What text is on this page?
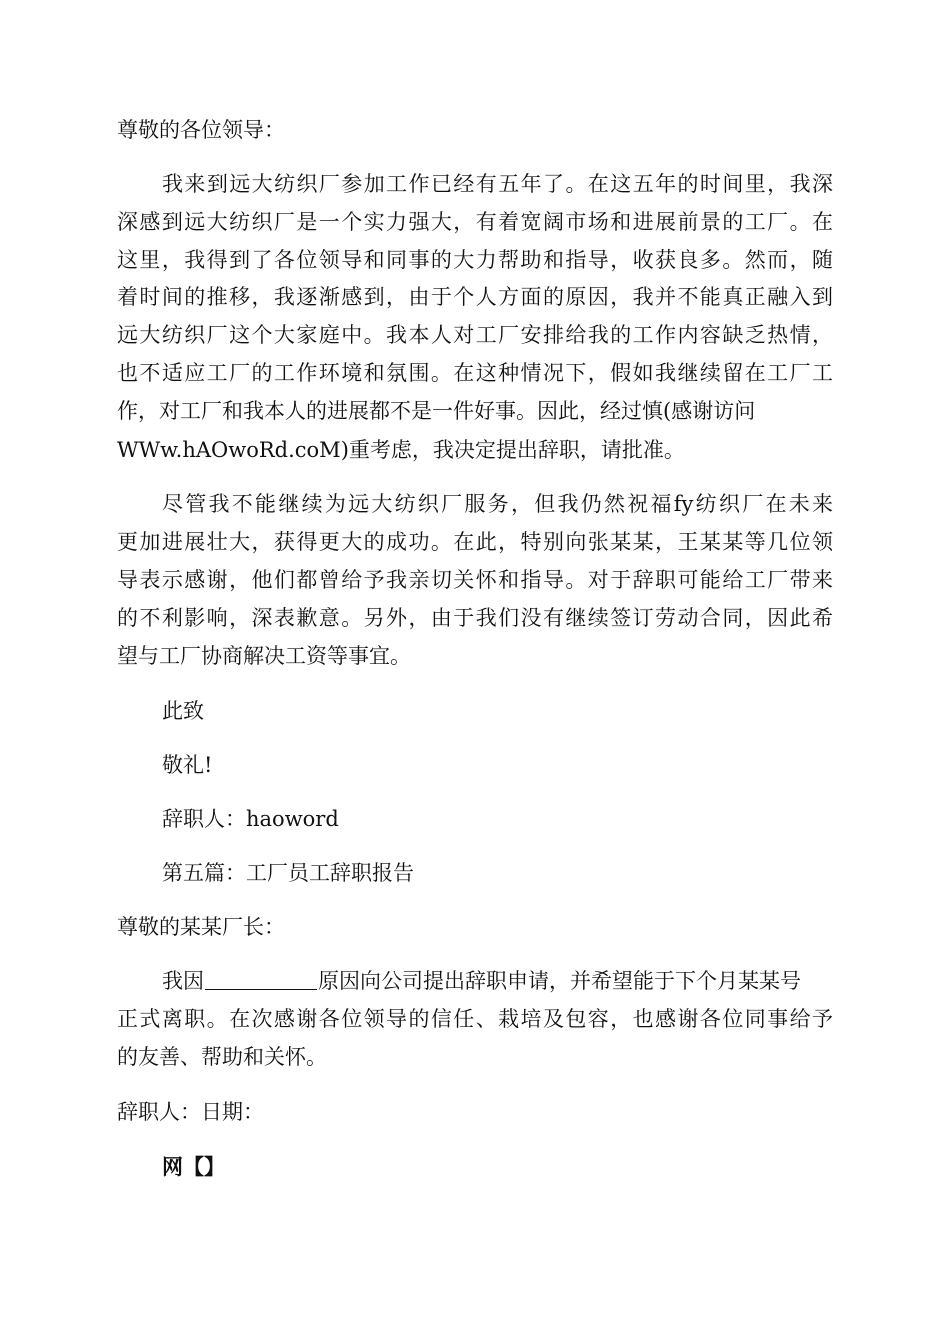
尊敬的各位领导：
我来到远大纺织厂参加工作已经有五年了。在这五年的时间里，我深
深感到远大纺织厂是一个实力强大，有着宽阔市场和进展前景的工厂。在
这里，我得到了各位领导和同事的大力帮助和指导，收获良多。然而，随
着时间的推移，我逐渐感到，由于个人方面的原因，我并不能真正融入到
远大纺织厂这个大家庭中。我本人对工厂安排给我的工作内容缺乏热情，
也不适应工厂的工作环境和氛围。在这种情况下，假如我继续留在工厂工
作，对工厂和我本人的进展都不是一件好事。因此，经过慎(感谢访问
WWw.hAOwoRd.coM)重考虑，我决定提出辞职，请批准。
尽管我不能继续为远大纺织厂服务，但我仍然祝福fy纺织厂在未来
更加进展壮大，获得更大的成功。在此，特别向张某某，王某某等几位领
导表示感谢，他们都曾给予我亲切关怀和指导。对于辞职可能给工厂带来
的不利影响，深表歉意。另外，由于我们没有继续签订劳动合同，因此希
望与工厂协商解决工资等事宜。
此致
敬礼!
辞职人：haoword
第五篇：工厂员工辞职报告
尊敬的某某厂长：
我因	原因向公司提出辞职申请，并希望能于下个月某某号
正式离职。在次感谢各位领导的信任、栽培及包容，也感谢各位同事给予
的友善、帮助和关怀。
辞职人：日期：
网【】
